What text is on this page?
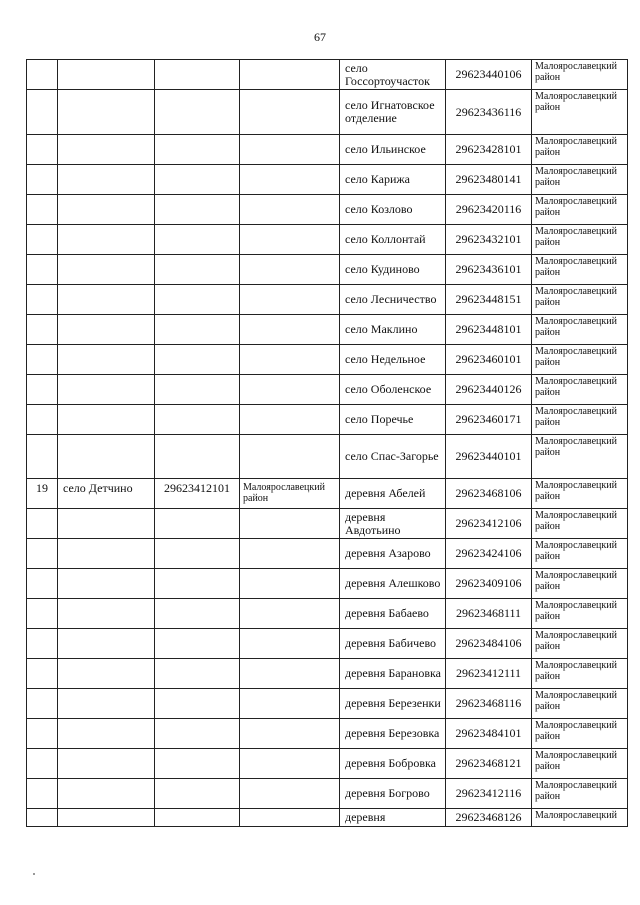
67
				село Госсортоучасток	29623440106	Малоярославецкий район
				село Игнатовское отделение	29623436116	Малоярославецкий район
				село Ильинское	29623428101	Малоярославецкий район
				село Карижа	29623480141	Малоярославецкий район
				село Козлово	29623420116	Малоярославецкий район
				село Коллонтай	29623432101	Малоярославецкий район
				село Кудиново	29623436101	Малоярославецкий район
				село Лесничество	29623448151	Малоярославецкий район
				село Маклино	29623448101	Малоярославецкий район
				село Недельное	29623460101	Малоярославецкий район
				село Оболенское	29623440126	Малоярославецкий район
				село Поречье	29623460171	Малоярославецкий район
				село Спас-Загорье	29623440101	Малоярославецкий район
19	село Детчино	29623412101	Малоярославецкий район	деревня Абелей	29623468106	Малоярославецкий район
				деревня Авдотьино	29623412106	Малоярославецкий район
				деревня Азарово	29623424106	Малоярославецкий район
				деревня Алешково	29623409106	Малоярославецкий район
				деревня Бабаево	29623468111	Малоярославецкий район
				деревня Бабичево	29623484106	Малоярославецкий район
				деревня Барановка	29623412111	Малоярославецкий район
				деревня Березенки	29623468116	Малоярославецкий район
				деревня Березовка	29623484101	Малоярославецкий район
				деревня Бобровка	29623468121	Малоярославецкий район
				деревня Богрово	29623412116	Малоярославецкий район
				деревня	29623468126	Малоярославецкий
